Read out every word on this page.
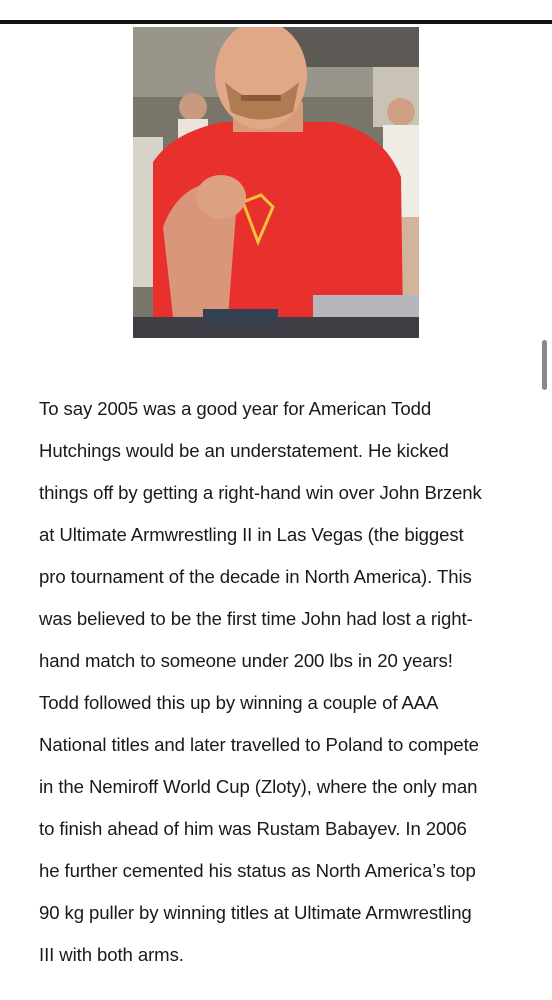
To say 2005 was a good year for American Todd
Hutchings would be an understatement. He kicked
things off by getting a right-hand win over John Brzenk
at Ultimate Armwrestling II in Las Vegas (the biggest
pro tournament of the decade in North America). This
was believed to be the first time John had lost a right-
hand match to someone under 200 lbs in 20 years!
Todd followed this up by winning a couple of AAA
National titles and later travelled to Poland to compete
in the Nemiroff World Cup (Zloty), where the only man
to finish ahead of him was Rustam Babayev. In 2006
he further cemented his status as North America’s top
90 kg puller by winning titles at Ultimate Armwrestling
III with both arms.
